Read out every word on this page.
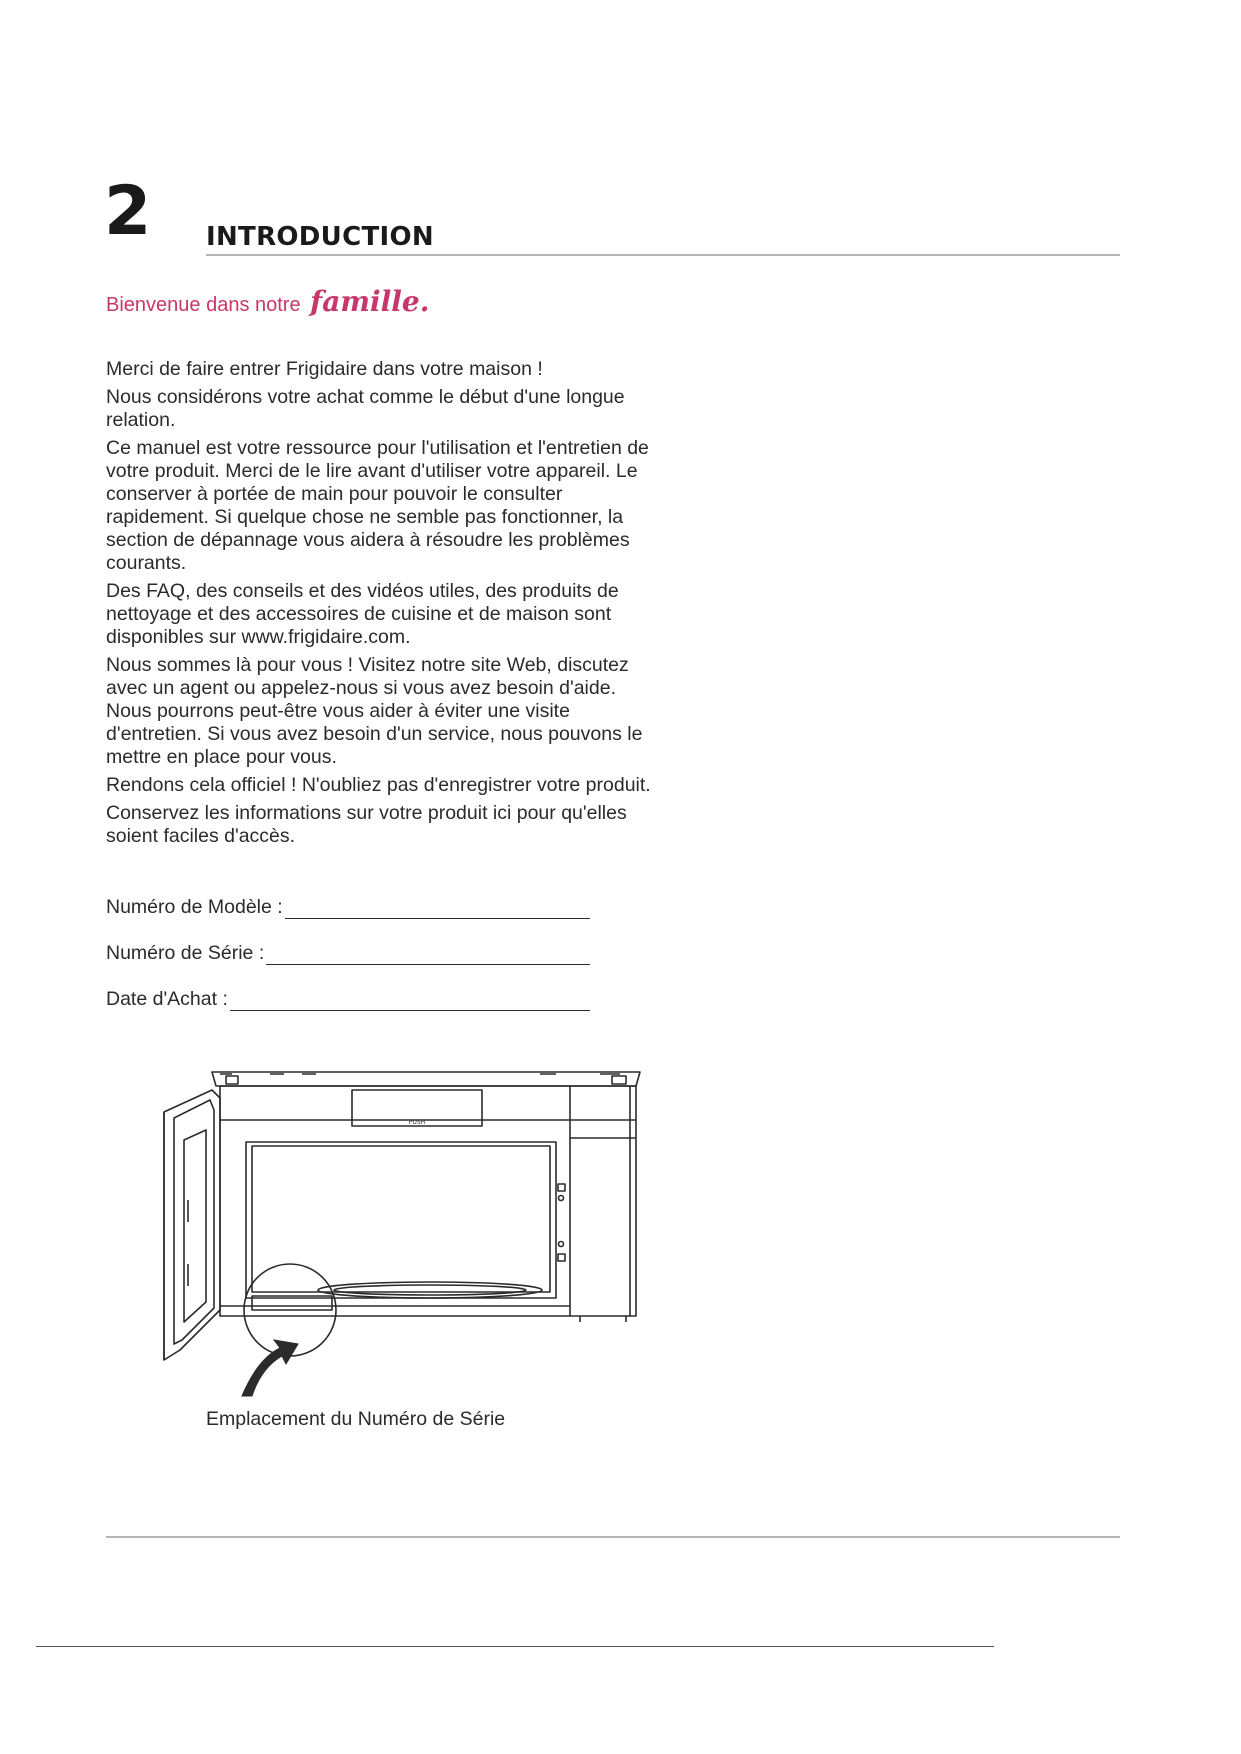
2 INTRODUCTION
Bienvenue dans notre famille.

Merci de faire entrer Frigidaire dans votre maison !

Nous considérons votre achat comme le début d'une longue relation.

Ce manuel est votre ressource pour l'utilisation et l'entretien de votre produit. Merci de le lire avant d'utiliser votre appareil. Le conserver à portée de main pour pouvoir le consulter rapidement. Si quelque chose ne semble pas fonctionner, la section de dépannage vous aidera à résoudre les problèmes courants.

Des FAQ, des conseils et des vidéos utiles, des produits de nettoyage et des accessoires de cuisine et de maison sont disponibles sur www.frigidaire.com.

Nous sommes là pour vous ! Visitez notre site Web, discutez avec un agent ou appelez-nous si vous avez besoin d'aide. Nous pourrons peut-être vous aider à éviter une visite d'entretien. Si vous avez besoin d'un service, nous pouvons le mettre en place pour vous.

Rendons cela officiel ! N'oubliez pas d'enregistrer votre produit.

Conservez les informations sur votre produit ici pour qu'elles soient faciles d'accès.

Numéro de Modèle :
Numéro de Série :
Date d'Achat :
PUSH
Emplacement du Numéro de Série
